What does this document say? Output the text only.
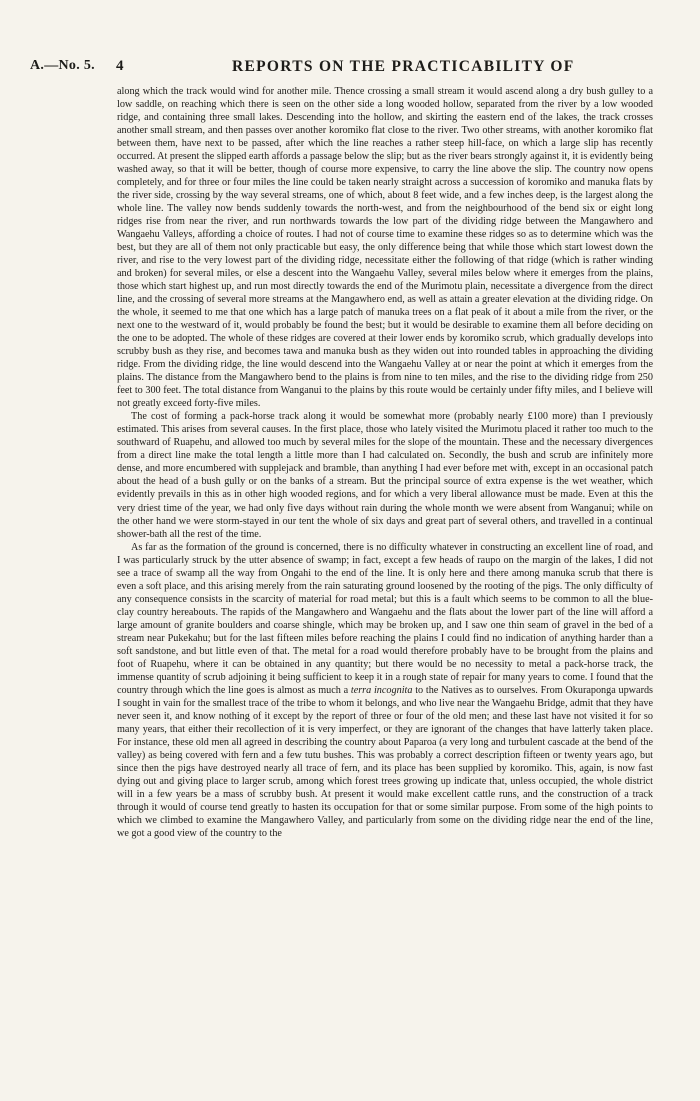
A.—No. 5. 4	REPORTS ON THE PRACTICABILITY OF

along which the track would wind for another mile. Thence crossing a small stream it would ascend along a dry bush gulley to a low saddle, on reaching which there is seen on the other side a long wooded hollow, separated from the river by a low wooded ridge, and containing three small lakes. Descending into the hollow, and skirting the eastern end of the lakes, the track crosses another small stream, and then passes over another koromiko flat close to the river. Two other streams, with another koromiko flat between them, have next to be passed, after which the line reaches a rather steep hill-face, on which a large slip has recently occurred. At present the slipped earth affords a passage below the slip; but as the river bears strongly against it, it is evidently being washed away, so that it will be better, though of course more expensive, to carry the line above the slip. The country now opens completely, and for three or four miles the line could be taken nearly straight across a succession of koromiko and manuka flats by the river side, crossing by the way several streams, one of which, about 8 feet wide, and a few inches deep, is the largest along the whole line. The valley now bends suddenly towards the north-west, and from the neighbourhood of the bend six or eight long ridges rise from near the river, and run northwards towards the low part of the dividing ridge between the Mangawhero and Wangaehu Valleys, affording a choice of routes. I had not of course time to examine these ridges so as to determine which was the best, but they are all of them not only practicable but easy, the only difference being that while those which start lowest down the river, and rise to the very lowest part of the dividing ridge, necessitate either the following of that ridge (which is rather winding and broken) for several miles, or else a descent into the Wangaehu Valley, several miles below where it emerges from the plains, those which start highest up, and run most directly towards the end of the Murimotu plain, necessitate a divergence from the direct line, and the crossing of several more streams at the Mangawhero end, as well as attain a greater elevation at the dividing ridge. On the whole, it seemed to me that one which has a large patch of manuka trees on a flat peak of it about a mile from the river, or the next one to the westward of it, would probably be found the best; but it would be desirable to examine them all before deciding on the one to be adopted. The whole of these ridges are covered at their lower ends by koromiko scrub, which gradually develops into scrubby bush as they rise, and becomes tawa and manuka bush as they widen out into rounded tables in approaching the dividing ridge. From the dividing ridge, the line would descend into the Wangaehu Valley at or near the point at which it emerges from the plains. The distance from the Mangawhero bend to the plains is from nine to ten miles, and the rise to the dividing ridge from 250 feet to 300 feet. The total distance from Wanganui to the plains by this route would be certainly under fifty miles, and I believe will not greatly exceed forty-five miles.

The cost of forming a pack-horse track along it would be somewhat more (probably nearly £100 more) than I previously estimated. This arises from several causes. In the first place, those who lately visited the Murimotu placed it rather too much to the southward of Ruapehu, and allowed too much by several miles for the slope of the mountain. These and the necessary divergences from a direct line make the total length a little more than I had calculated on. Secondly, the bush and scrub are infinitely more dense, and more encumbered with supplejack and bramble, than anything I had ever before met with, except in an occasional patch about the head of a bush gully or on the banks of a stream. But the principal source of extra expense is the wet weather, which evidently prevails in this as in other high wooded regions, and for which a very liberal allowance must be made. Even at this the very driest time of the year, we had only five days without rain during the whole month we were absent from Wanganui; while on the other hand we were storm-stayed in our tent the whole of six days and great part of several others, and travelled in a continual shower-bath all the rest of the time.

As far as the formation of the ground is concerned, there is no difficulty whatever in constructing an excellent line of road, and I was particularly struck by the utter absence of swamp; in fact, except a few heads of raupo on the margin of the lakes, I did not see a trace of swamp all the way from Ongahi to the end of the line. It is only here and there among manuka scrub that there is even a soft place, and this arising merely from the rain saturating ground loosened by the rooting of the pigs. The only difficulty of any consequence consists in the scarcity of material for road metal; but this is a fault which seems to be common to all the blue-clay country hereabouts. The rapids of the Mangawhero and Wangaehu and the flats about the lower part of the line will afford a large amount of granite boulders and coarse shingle, which may be broken up, and I saw one thin seam of gravel in the bed of a stream near Pukekahu; but for the last fifteen miles before reaching the plains I could find no indication of anything harder than a soft sandstone, and but little even of that. The metal for a road would therefore probably have to be brought from the plains and foot of Ruapehu, where it can be obtained in any quantity; but there would be no necessity to metal a pack-horse track, the immense quantity of scrub adjoining it being sufficient to keep it in a rough state of repair for many years to come. I found that the country through which the line goes is almost as much a terra incognita to the Natives as to ourselves. From Okuraponga upwards I sought in vain for the smallest trace of the tribe to whom it belongs, and who live near the Wangaehu Bridge, admit that they have never seen it, and know nothing of it except by the report of three or four of the old men; and these last have not visited it for so many years, that either their recollection of it is very imperfect, or they are ignorant of the changes that have latterly taken place. For instance, these old men all agreed in describing the country about Paparoa (a very long and turbulent cascade at the bend of the valley) as being covered with fern and a few tutu bushes. This was probably a correct description fifteen or twenty years ago, but since then the pigs have destroyed nearly all trace of fern, and its place has been supplied by koromiko. This, again, is now fast dying out and giving place to larger scrub, among which forest trees growing up indicate that, unless occupied, the whole district will in a few years be a mass of scrubby bush. At present it would make excellent cattle runs, and the construction of a track through it would of course tend greatly to hasten its occupation for that or some similar purpose. From some of the high points to which we climbed to examine the Mangawhero Valley, and particularly from some on the dividing ridge near the end of the line, we got a good view of the country to the
